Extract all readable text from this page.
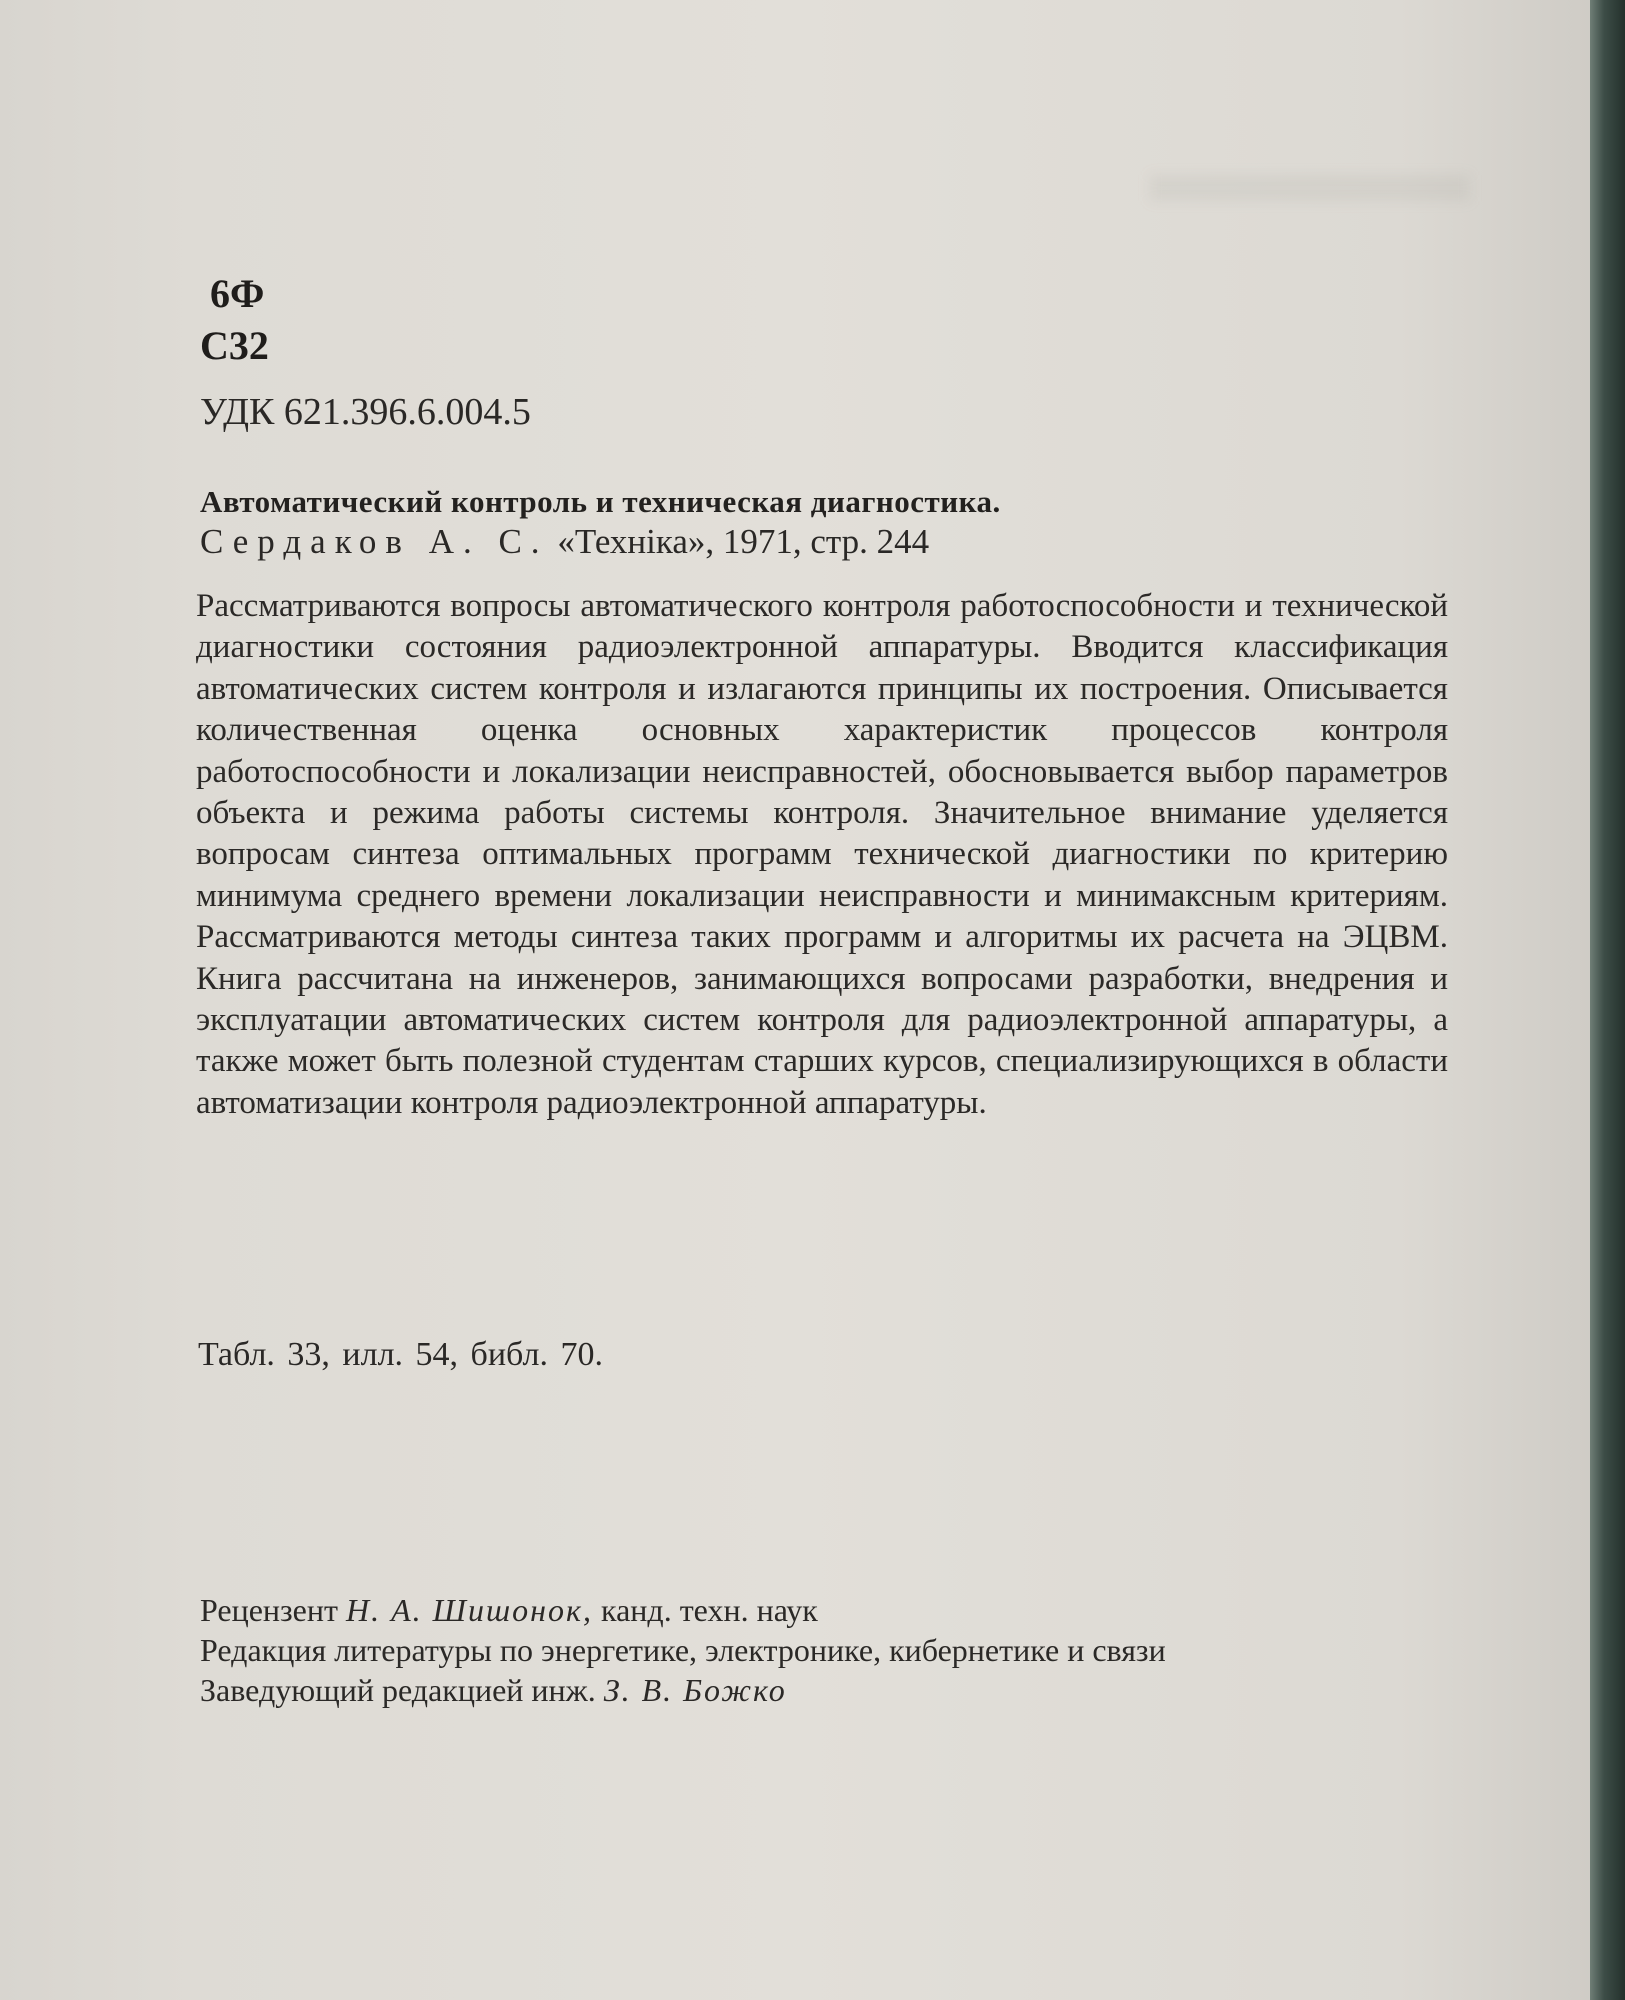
6Ф
С32
УДК 621.396.6.004.5
Автоматический контроль и техническая диагностика.
Сердаков А. С. «Техніка», 1971, стр. 244
Рассматриваются вопросы автоматического контроля работоспособности и технической диагностики состояния радиоэлектронной аппаратуры. Вводится классификация автоматических систем контроля и излагаются принципы их построения. Описывается количественная оценка основных характеристик процессов контроля работоспособности и локализации неисправностей, обосновывается выбор параметров объекта и режима работы системы контроля. Значительное внимание уделяется вопросам синтеза оптимальных программ технической диагностики по критерию минимума среднего времени локализации неисправности и минимаксным критериям. Рассматриваются методы синтеза таких программ и алгоритмы их расчета на ЭЦВМ. Книга рассчитана на инженеров, занимающихся вопросами разработки, внедрения и эксплуатации автоматических систем контроля для радиоэлектронной аппаратуры, а также может быть полезной студентам старших курсов, специализирующихся в области автоматизации контроля радиоэлектронной аппаратуры.
Табл. 33, илл. 54, библ. 70.
Рецензент Н. А. Шишонок, канд. техн. наук
Редакция литературы по энергетике, электронике, кибернетике и связи
Заведующий редакцией инж. З. В. Божко
